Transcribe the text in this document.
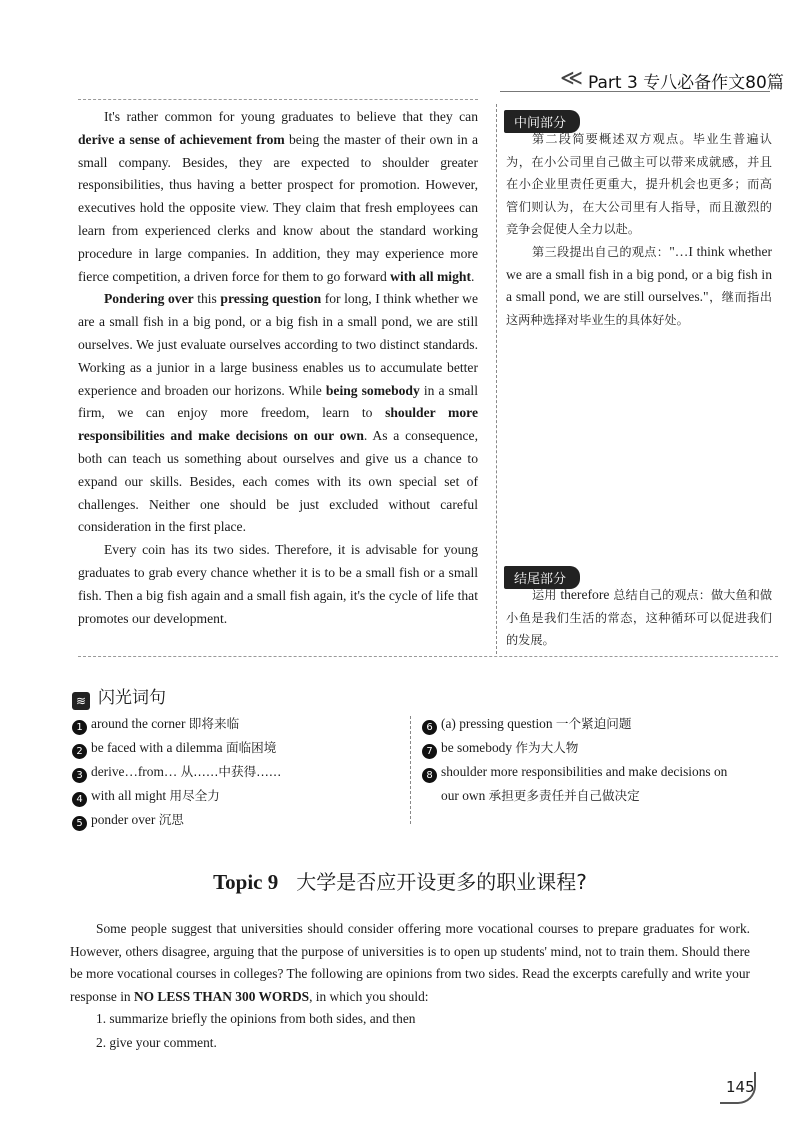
≪ Part 3 专八必备作文80篇

It's rather common for young graduates to believe that they can derive a sense of achievement from being the master of their own in a small company. Besides, they are expected to shoulder greater responsibilities, thus having a better prospect for promotion. However, executives hold the opposite view. They claim that fresh employees can learn from experienced clerks and know about the standard working procedure in large companies. In addition, they may experience more fierce competition, a driven force for them to go forward with all might.

Pondering over this pressing question for long, I think whether we are a small fish in a big pond, or a big fish in a small pond, we are still ourselves. We just evaluate ourselves according to two distinct standards. Working as a junior in a large business enables us to accumulate better experience and broaden our horizons. While being somebody in a small firm, we can enjoy more freedom, learn to shoulder more responsibilities and make decisions on our own. As a consequence, both can teach us something about ourselves and give us a chance to expand our skills. Besides, each comes with its own special set of challenges. Neither one should be just excluded without careful consideration in the first place.

Every coin has its two sides. Therefore, it is advisable for young graduates to grab every chance whether it is to be a small fish or a small fish. Then a big fish again and a small fish again, it's the cycle of life that promotes our development.

中间部分

第二段简要概述双方观点。毕业生普遍认为，在小公司里自己做主可以带来成就感，并且在小企业里责任更重大，提升机会也更多；而高管们则认为，在大公司里有人指导，而且激烈的竞争会促使人全力以赴。

第三段提出自己的观点："…I think whether we are a small fish in a big pond, or a big fish in a small pond, we are still ourselves."，继而指出这两种选择对毕业生的具体好处。

结尾部分

运用 therefore 总结自己的观点：做大鱼和做小鱼是我们生活的常态，这种循环可以促进我们的发展。

≋ 闪光词句
1 around the corner 即将来临
2 be faced with a dilemma 面临困境
3 derive…from… 从……中获得……
4 with all might 用尽全力
5 ponder over 沉思
6 (a) pressing question 一个紧迫问题
7 be somebody 作为大人物
8 shoulder more responsibilities and make decisions on
our own 承担更多责任并自己做决定
Topic 9 大学是否应开设更多的职业课程?

Some people suggest that universities should consider offering more vocational courses to prepare graduates for work. However, others disagree, arguing that the purpose of universities is to open up students' mind, not to train them. Should there be more vocational courses in colleges? The following are opinions from two sides. Read the excerpts carefully and write your response in NO LESS THAN 300 WORDS, in which you should:

1. summarize briefly the opinions from both sides, and then
2. give your comment.
145
